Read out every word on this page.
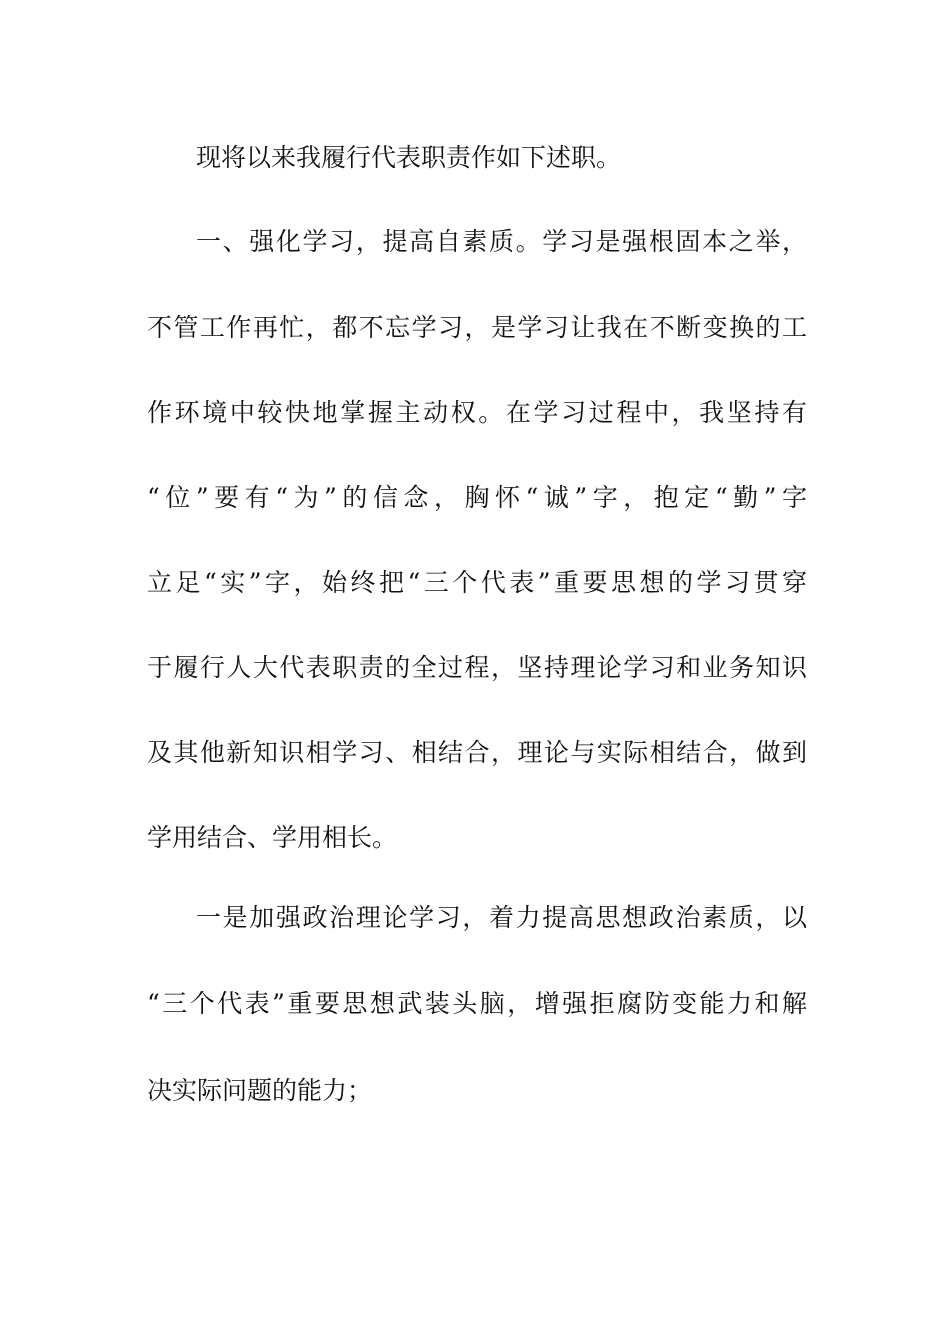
现将以来我履行代表职责作如下述职。
一、强化学习，提高自素质。学习是强根固本之举，
不管工作再忙，都不忘学习，是学习让我在不断变换的工
作环境中较快地掌握主动权。在学习过程中，我坚持有
“位”要有“为”的信念，胸怀“诚”字，抱定“勤”字
立足“实”字，始终把“三个代表”重要思想的学习贯穿
于履行人大代表职责的全过程，坚持理论学习和业务知识
及其他新知识相学习、相结合，理论与实际相结合，做到
学用结合、学用相长。
一是加强政治理论学习，着力提高思想政治素质，以
“三个代表”重要思想武装头脑，增强拒腐防变能力和解
决实际问题的能力；
